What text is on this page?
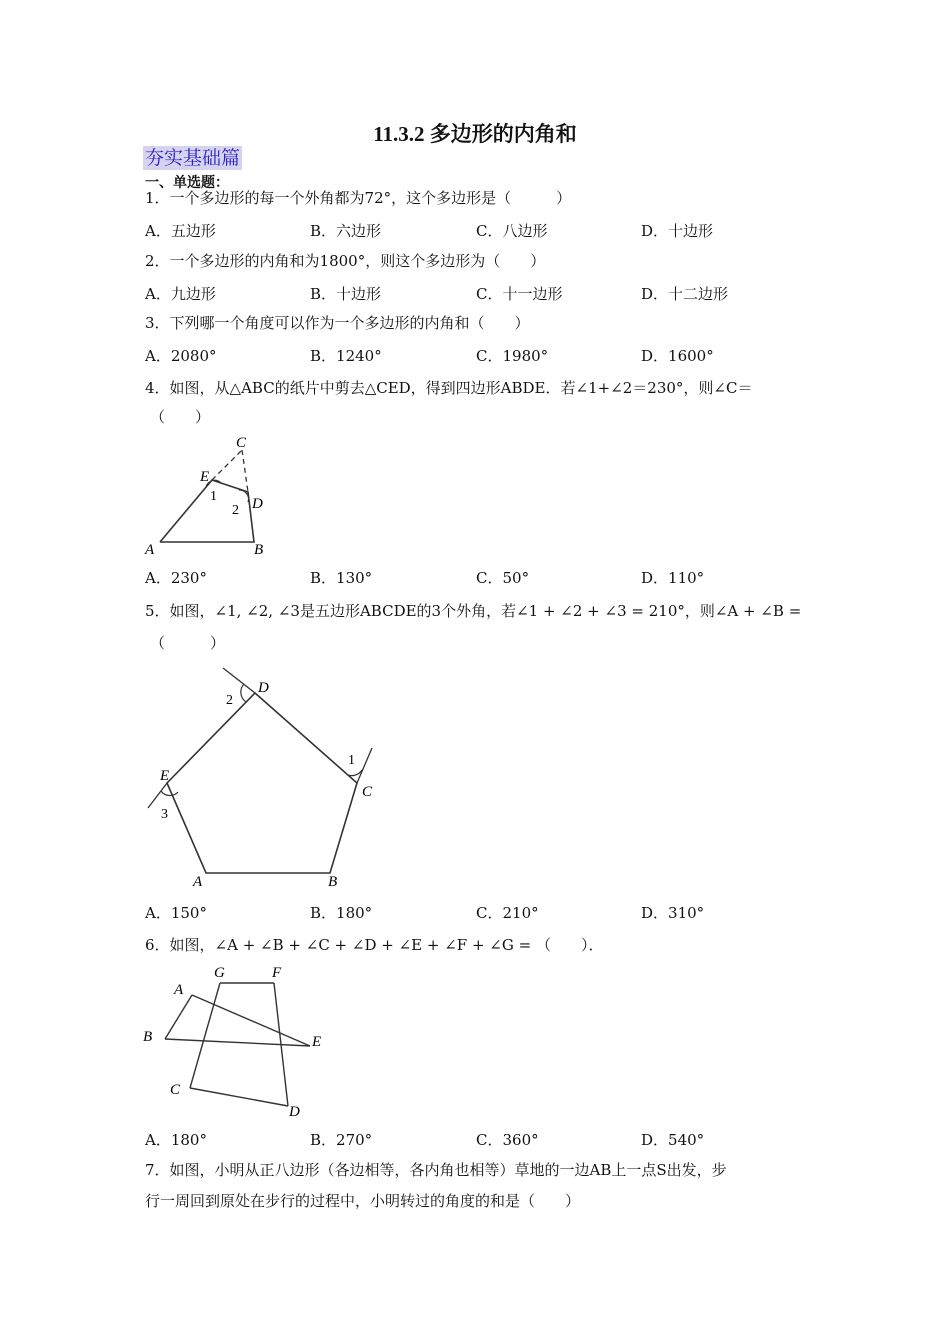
11.3.2 多边形的内角和
夯实基础篇
一、单选题：
1．一个多边形的每一个外角都为72°，这个多边形是（　　　）
A．五边形	B．六边形	C．八边形	D．十边形
2．一个多边形的内角和为1800°，则这个多边形为（　　）
A．九边形	B．十边形	C．十一边形	D．十二边形
3．下列哪一个角度可以作为一个多边形的内角和（　　）
A．2080°	B．1240°	C．1980°	D．1600°
4．如图，从△ABC的纸片中剪去△CED，得到四边形ABDE．若∠1+∠2＝230°，则∠C＝
（　　）
C
E
1
2 D
A	B
A．230°	B．130°	C．50°	D．110°
5．如图，∠1, ∠2, ∠3是五边形ABCDE的3个外角，若∠1 + ∠2 + ∠3 = 210°，则∠A + ∠B =
（　　　）
D
2
1
C
E
3
A	B
A．150°	B．180°	C．210°	D．310°
6．如图，∠A + ∠B + ∠C + ∠D + ∠E + ∠F + ∠G = （　　）．
G	F
A
B	E
C
D
A．180°	B．270°	C．360°	D．540°
7．如图，小明从正八边形（各边相等，各内角也相等）草地的一边AB上一点S出发，步
行一周回到原处在步行的过程中，小明转过的角度的和是（　　）
